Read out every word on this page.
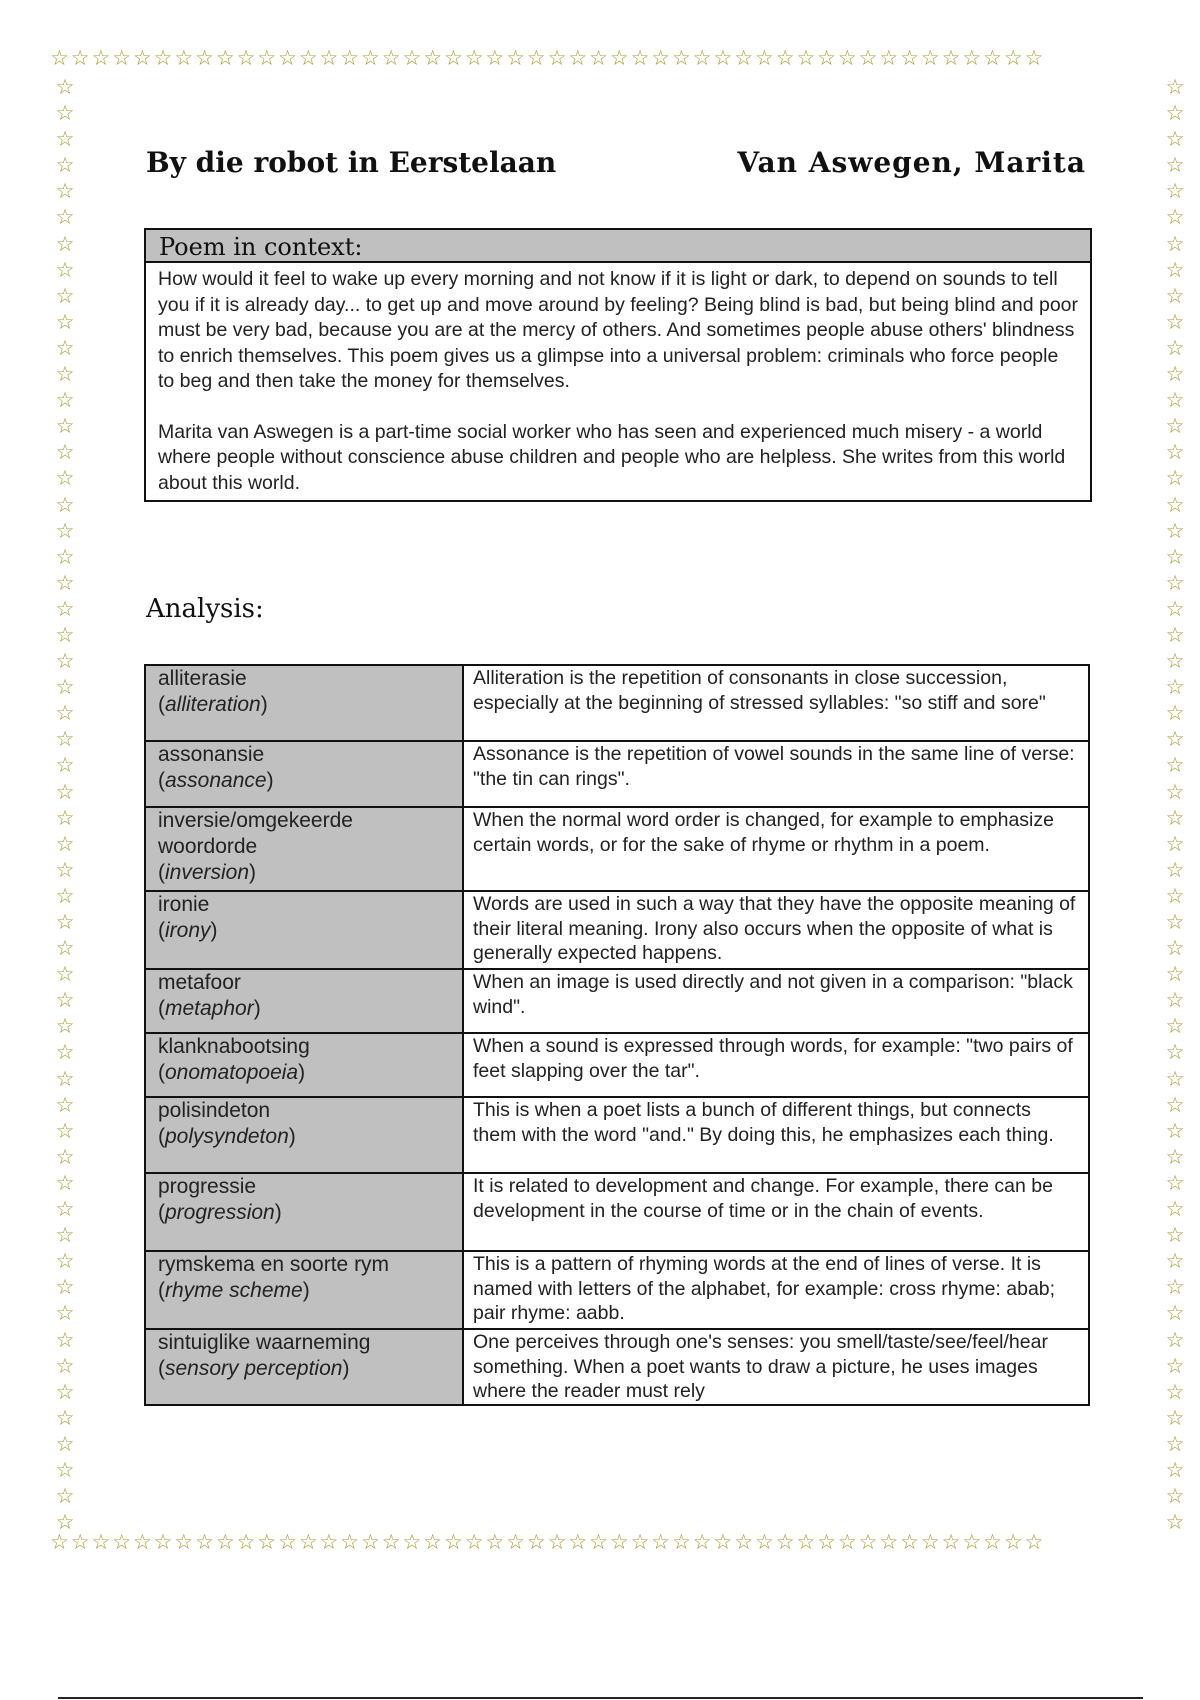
☆☆☆☆☆☆☆☆☆☆☆☆☆☆☆☆☆☆☆☆☆☆☆☆☆☆☆☆☆☆☆☆☆☆☆☆☆☆☆☆☆☆☆☆☆☆☆☆
☆
☆
☆
☆
☆
☆
☆
☆
☆
☆
☆
☆
☆
☆
☆
☆
☆
☆
☆
☆
☆
☆
☆
☆
☆
☆
☆
☆
☆
☆
☆
☆
☆
☆
☆
☆
☆
☆
☆
☆
☆
☆
☆
☆
☆
☆
☆
☆
☆
☆
☆
☆
☆
☆
☆
☆
☆
☆
☆
☆
☆
☆
☆
☆
☆
☆
☆
☆
☆
☆
☆
☆
☆
☆
☆
☆
☆
☆
☆
☆
☆
☆
☆
☆
☆
☆
☆
☆
☆
☆
☆
☆
☆
☆
☆
☆
☆
☆
☆
☆
☆
☆
☆
☆
☆
☆
☆
☆
☆
☆
☆
☆
☆☆☆☆☆☆☆☆☆☆☆☆☆☆☆☆☆☆☆☆☆☆☆☆☆☆☆☆☆☆☆☆☆☆☆☆☆☆☆☆☆☆☆☆☆☆☆☆
By die robot in Eerstelaan	Van Aswegen, Marita
Poem in context:

How would it feel to wake up every morning and not know if it is light or dark, to depend on sounds to tell you if it is already day... to get up and move around by feeling? Being blind is bad, but being blind and poor must be very bad, because you are at the mercy of others. And sometimes people abuse others' blindness to enrich themselves. This poem gives us a glimpse into a universal problem: criminals who force people to beg and then take the money for themselves.

Marita van Aswegen is a part-time social worker who has seen and experienced much misery - a world where people without conscience abuse children and people who are helpless. She writes from this world about this world.

Analysis:
alliterasie
(alliteration)	Alliteration is the repetition of consonants in close succession, especially at the beginning of stressed syllables: "so stiff and sore"

assonansie
(assonance)	Assonance is the repetition of vowel sounds in the same line of verse: "the tin can rings".

inversie/omgekeerde woordorde
(inversion)	When the normal word order is changed, for example to emphasize certain words, or for the sake of rhyme or rhythm in a poem.

ironie
(irony)	Words are used in such a way that they have the opposite meaning of their literal meaning. Irony also occurs when the opposite of what is generally expected happens.

metafoor
(metaphor)	When an image is used directly and not given in a comparison: "black wind".

klanknabootsing
(onomatopoeia)	When a sound is expressed through words, for example: "two pairs of feet slapping over the tar".

polisindeton
(polysyndeton)	This is when a poet lists a bunch of different things, but connects them with the word "and." By doing this, he emphasizes each thing.

progressie
(progression)	It is related to development and change. For example, there can be development in the course of time or in the chain of events.

rymskema en soorte rym
(rhyme scheme)	This is a pattern of rhyming words at the end of lines of verse. It is named with letters of the alphabet, for example: cross rhyme: abab; pair rhyme: aabb.

sintuiglike waarneming
(sensory perception)	One perceives through one's senses: you smell/taste/see/feel/hear something. When a poet wants to draw a picture, he uses images where the reader must rely
